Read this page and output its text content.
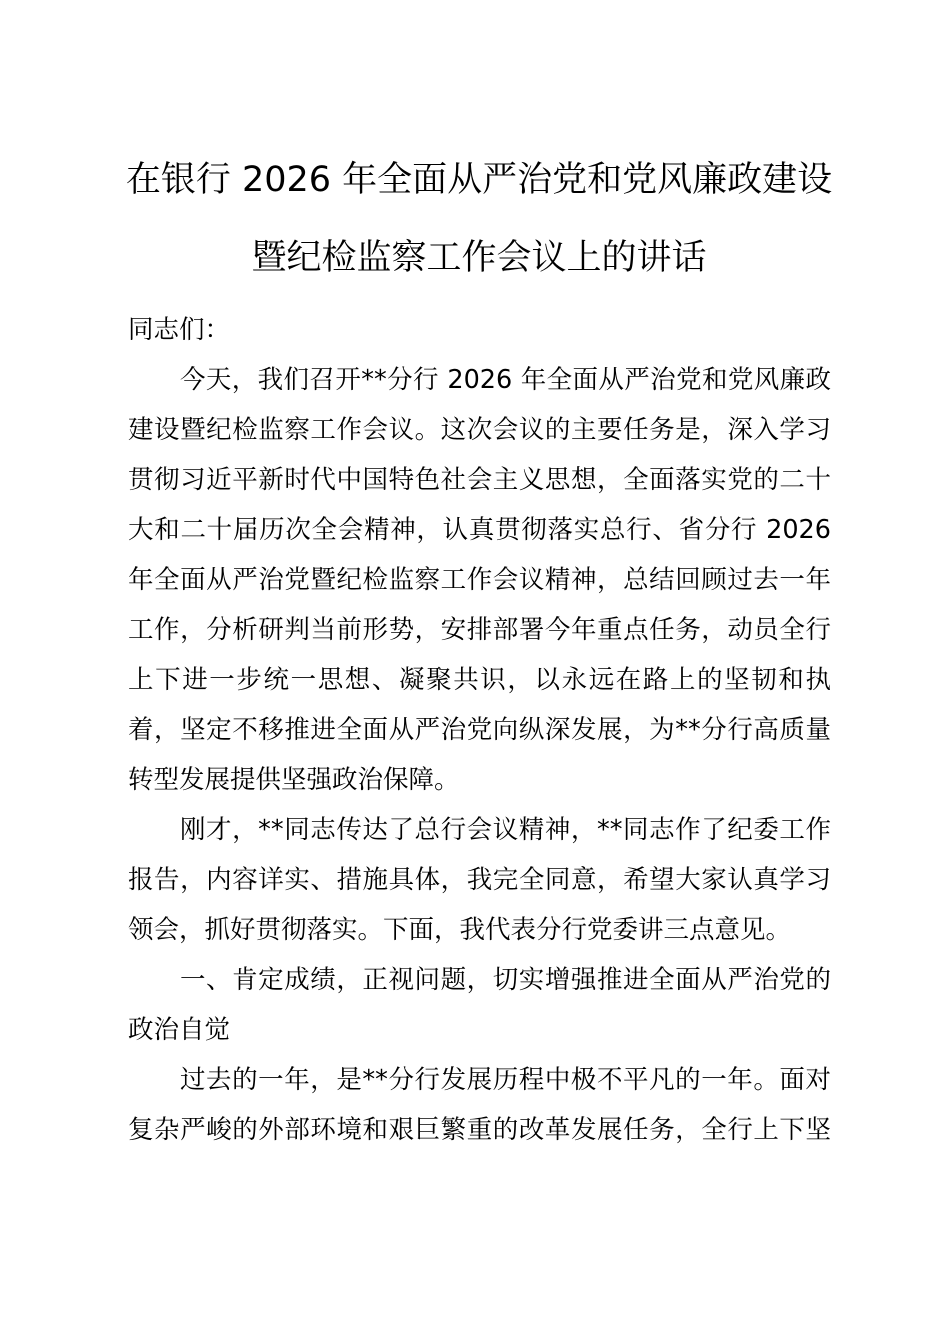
在银行 2026 年全面从严治党和党风廉政建设
暨纪检监察工作会议上的讲话
同志们：
今天，我们召开**分行 2026 年全面从严治党和党风廉政
建设暨纪检监察工作会议。这次会议的主要任务是，深入学习
贯彻习近平新时代中国特色社会主义思想，全面落实党的二十
大和二十届历次全会精神，认真贯彻落实总行、省分行 2026
年全面从严治党暨纪检监察工作会议精神，总结回顾过去一年
工作，分析研判当前形势，安排部署今年重点任务，动员全行
上下进一步统一思想、凝聚共识，以永远在路上的坚韧和执
着，坚定不移推进全面从严治党向纵深发展，为**分行高质量
转型发展提供坚强政治保障。
刚才，**同志传达了总行会议精神，**同志作了纪委工作
报告，内容详实、措施具体，我完全同意，希望大家认真学习
领会，抓好贯彻落实。下面，我代表分行党委讲三点意见。
一、肯定成绩，正视问题，切实增强推进全面从严治党的
政治自觉
过去的一年，是**分行发展历程中极不平凡的一年。面对
复杂严峻的外部环境和艰巨繁重的改革发展任务，全行上下坚
